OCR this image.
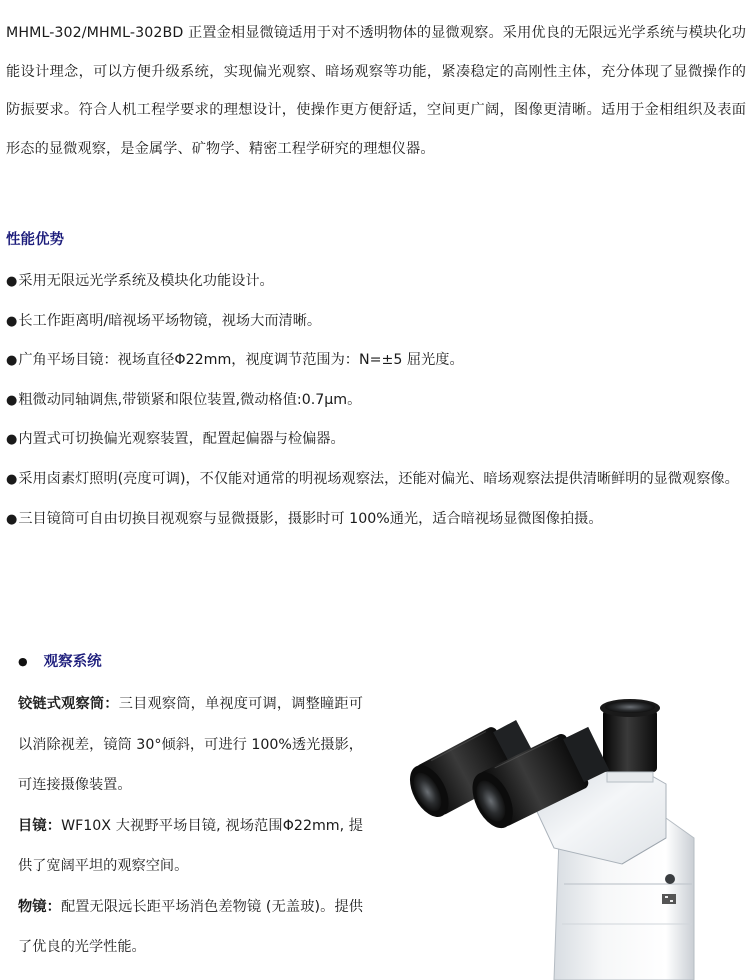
MHML-302/MHML-302BD 正置金相显微镜适用于对不透明物体的显微观察。采用优良的无限远光学系统与模块化功能设计理念，可以方便升级系统，实现偏光观察、暗场观察等功能，紧凑稳定的高刚性主体，充分体现了显微操作的防振要求。符合人机工程学要求的理想设计，使操作更方便舒适，空间更广阔，图像更清晰。适用于金相组织及表面形态的显微观察，是金属学、矿物学、精密工程学研究的理想仪器。
性能优势
●采用无限远光学系统及模块化功能设计。
●长工作距离明/暗视场平场物镜，视场大而清晰。
●广角平场目镜：视场直径Φ22mm，视度调节范围为：N=±5 屈光度。
●粗微动同轴调焦,带锁紧和限位装置,微动格值:0.7μm。
●内置式可切换偏光观察装置，配置起偏器与检偏器。
●采用卤素灯照明(亮度可调)，不仅能对通常的明视场观察法，还能对偏光、暗场观察法提供清晰鲜明的显微观察像。
●三目镜筒可自由切换目视观察与显微摄影，摄影时可 100%通光，适合暗视场显微图像拍摄。
● 观察系统

铰链式观察筒：三目观察筒，单视度可调，调整瞳距可以消除视差，镜筒 30°倾斜，可进行 100%透光摄影，可连接摄像装置。

目镜：WF10X 大视野平场目镜, 视场范围Φ22mm, 提供了宽阔平坦的观察空间。

物镜：配置无限远长距平场消色差物镜 (无盖玻)。提供了优良的光学性能。
